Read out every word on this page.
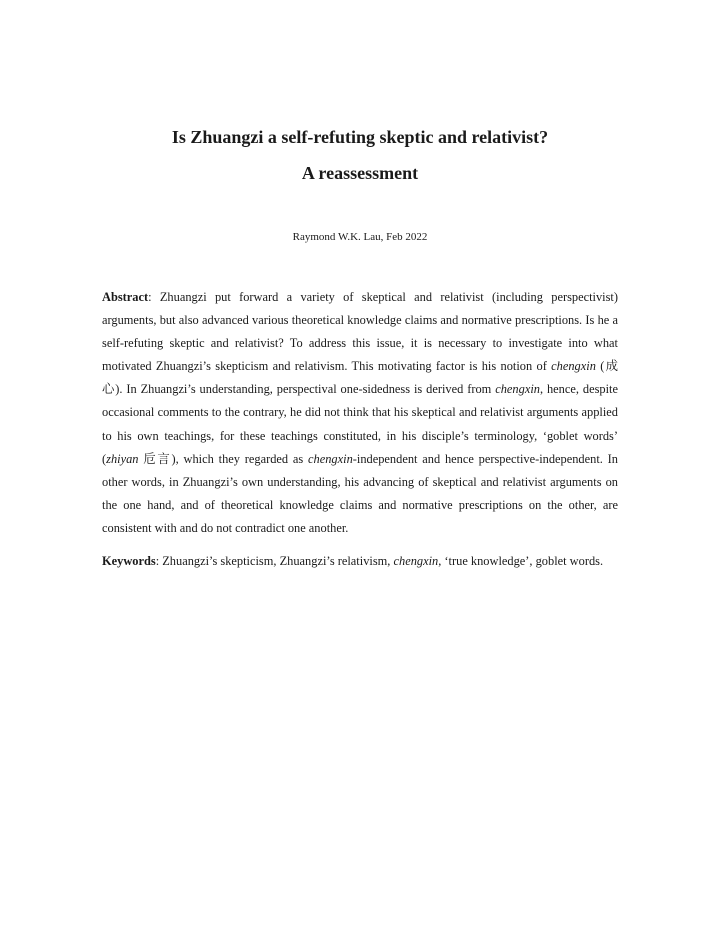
Is Zhuangzi a self-refuting skeptic and relativist?
A reassessment
Raymond W.K. Lau, Feb 2022

Abstract: Zhuangzi put forward a variety of skeptical and relativist (including perspectivist) arguments, but also advanced various theoretical knowledge claims and normative prescriptions. Is he a self-refuting skeptic and relativist? To address this issue, it is necessary to investigate into what motivated Zhuangzi’s skepticism and relativism. This motivating factor is his notion of chengxin (成心). In Zhuangzi’s understanding, perspectival one-sidedness is derived from chengxin, hence, despite occasional comments to the contrary, he did not think that his skeptical and relativist arguments applied to his own teachings, for these teachings constituted, in his disciple’s terminology, ‘goblet words’ (zhiyan 卮言), which they regarded as chengxin-independent and hence perspective-independent. In other words, in Zhuangzi’s own understanding, his advancing of skeptical and relativist arguments on the one hand, and of theoretical knowledge claims and normative prescriptions on the other, are consistent with and do not contradict one another.

Keywords: Zhuangzi’s skepticism, Zhuangzi’s relativism, chengxin, ‘true knowledge’, goblet words.
